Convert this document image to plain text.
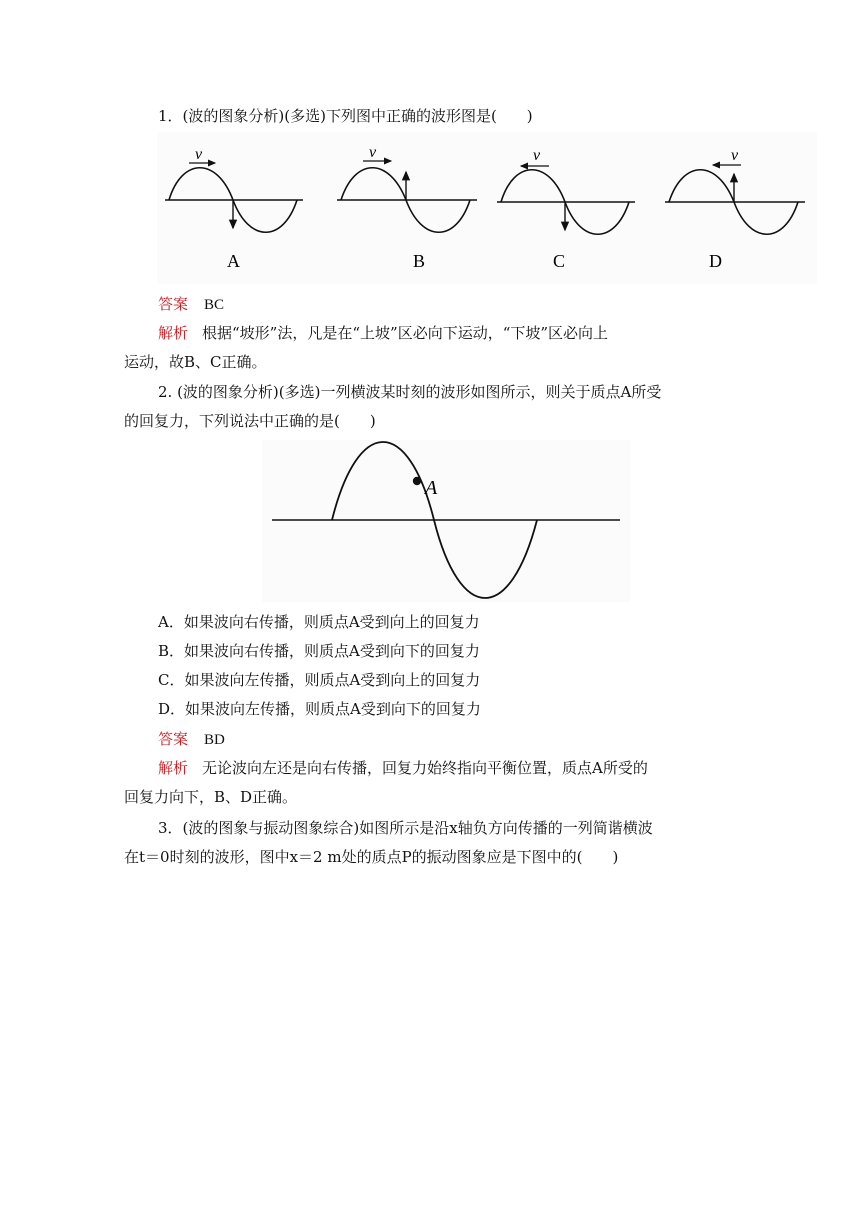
1．(波的图象分析)(多选)下列图中正确的波形图是(　　)
v
A
v
B
v
C
v
D
答案 BC
解析 根据“坡形”法，凡是在“上坡”区必向下运动，“下坡”区必向上
运动，故B、C正确。
2. (波的图象分析)(多选)一列横波某时刻的波形如图所示，则关于质点A所受
的回复力，下列说法中正确的是(　　)
A
A．如果波向右传播，则质点A受到向上的回复力
B．如果波向右传播，则质点A受到向下的回复力
C．如果波向左传播，则质点A受到向上的回复力
D．如果波向左传播，则质点A受到向下的回复力
答案 BD
解析 无论波向左还是向右传播，回复力始终指向平衡位置，质点A所受的
回复力向下，B、D正确。
3．(波的图象与振动图象综合)如图所示是沿x轴负方向传播的一列简谐横波
在t＝0时刻的波形，图中x＝2 m处的质点P的振动图象应是下图中的(　　)
